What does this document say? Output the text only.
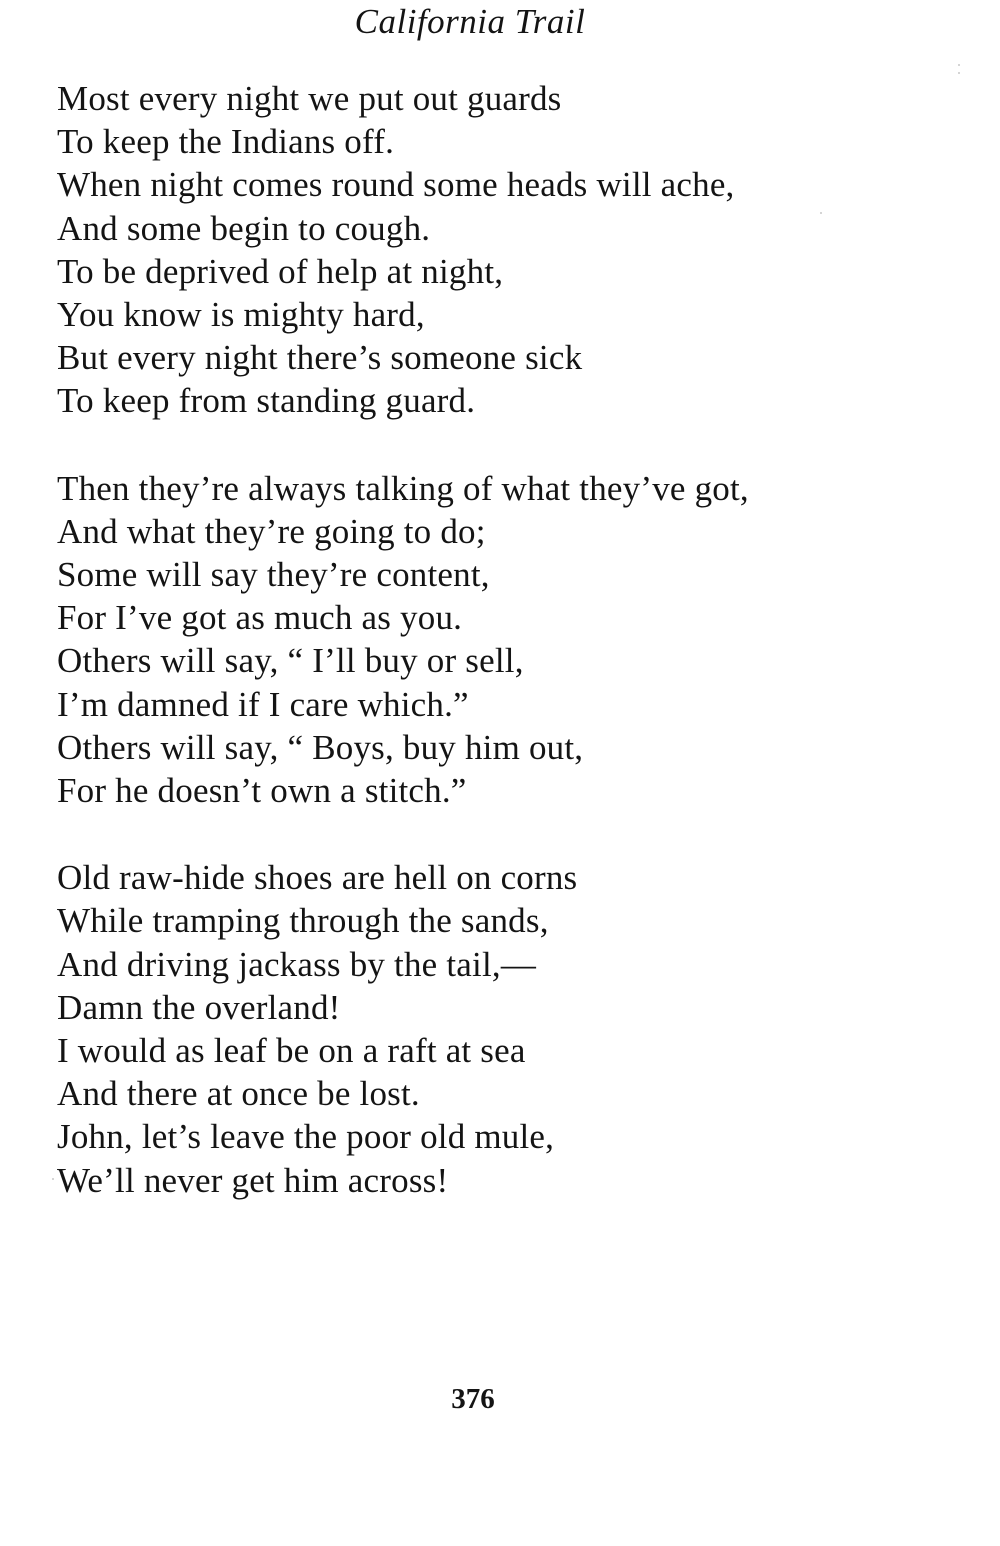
California Trail
Most every night we put out guards
To keep the Indians off.
When night comes round some heads will ache,
And some begin to cough.
To be deprived of help at night,
You know is mighty hard,
But every night there’s someone sick
To keep from standing guard.
Then they’re always talking of what they’ve got,
And what they’re going to do;
Some will say they’re content,
For I’ve got as much as you.
Others will say, “ I’ll buy or sell,
I’m damned if I care which.”
Others will say, “ Boys, buy him out,
For he doesn’t own a stitch.”
Old raw-hide shoes are hell on corns
While tramping through the sands,
And driving jackass by the tail,—
Damn the overland!
I would as leaf be on a raft at sea
And there at once be lost.
John, let’s leave the poor old mule,
We’ll never get him across!
376
